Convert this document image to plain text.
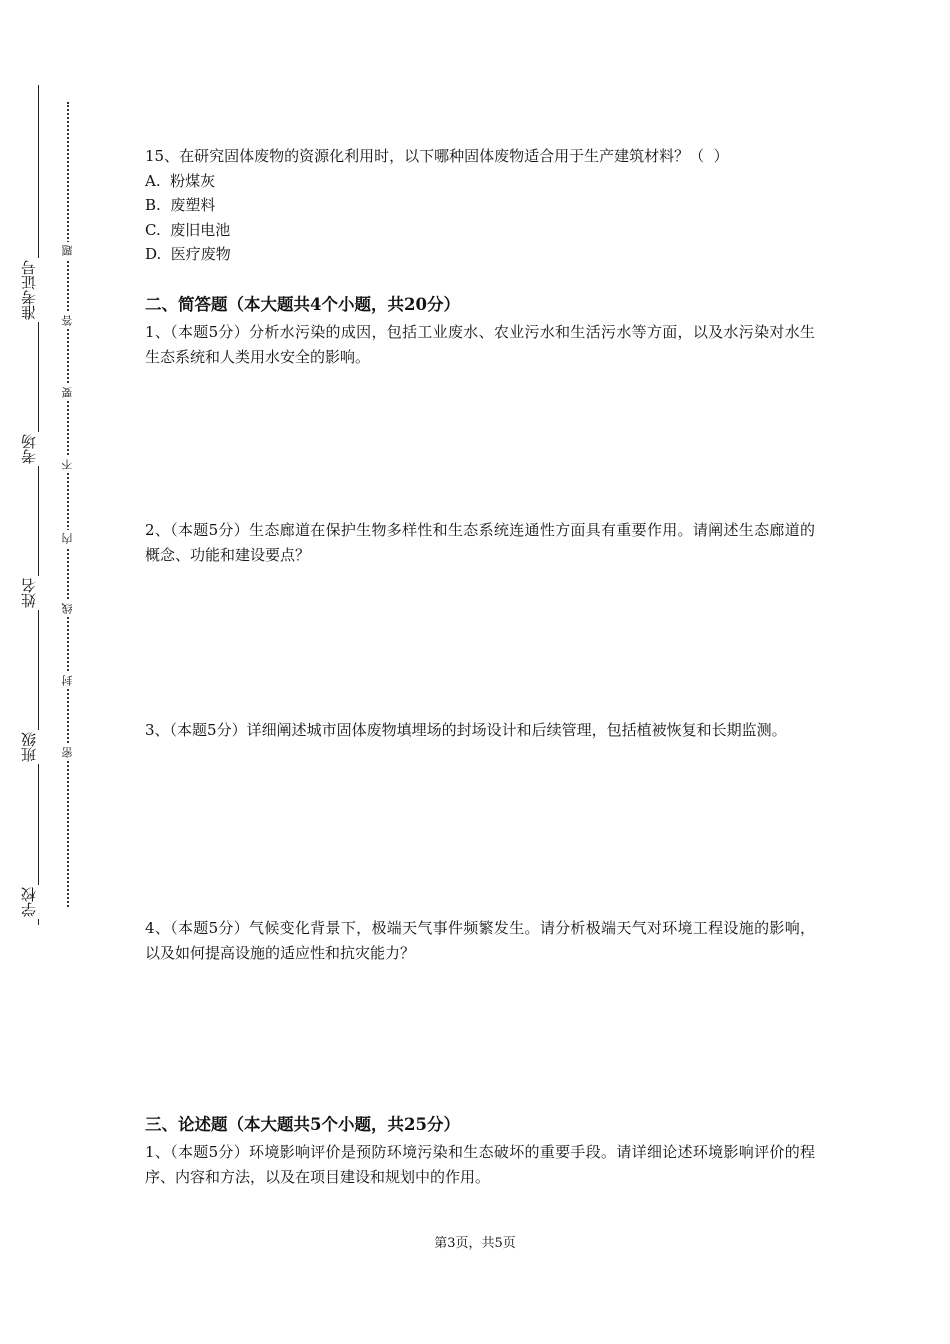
准考证号
考场
姓名
班级
学校
题
答
要
不
内
线
封
密
15、在研究固体废物的资源化利用时，以下哪种固体废物适合用于生产建筑材料？（  ）
A.  粉煤灰
B.  废塑料
C.  废旧电池
D.  医疗废物
二、简答题（本大题共4个小题，共20分）
1、（本题5分）分析水污染的成因，包括工业废水、农业污水和生活污水等方面，以及水污染对水生生态系统和人类用水安全的影响。
2、（本题5分）生态廊道在保护生物多样性和生态系统连通性方面具有重要作用。请阐述生态廊道的概念、功能和建设要点？
3、（本题5分）详细阐述城市固体废物填埋场的封场设计和后续管理，包括植被恢复和长期监测。
4、（本题5分）气候变化背景下，极端天气事件频繁发生。请分析极端天气对环境工程设施的影响，以及如何提高设施的适应性和抗灾能力？
三、论述题（本大题共5个小题，共25分）
1、（本题5分）环境影响评价是预防环境污染和生态破坏的重要手段。请详细论述环境影响评价的程序、内容和方法，以及在项目建设和规划中的作用。
第3页，共5页
